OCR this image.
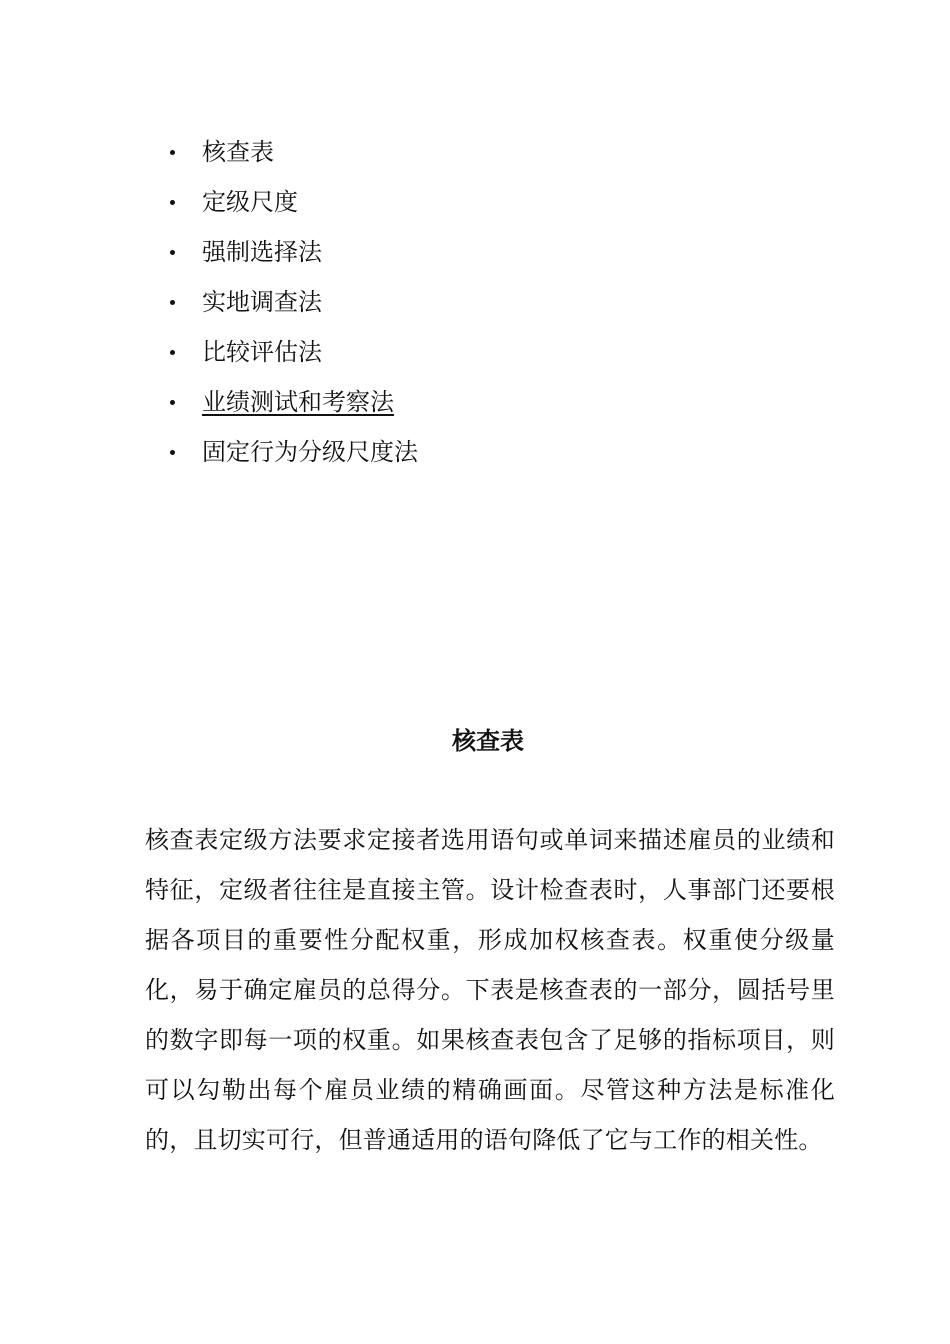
核查表
定级尺度
强制选择法
实地调查法
比较评估法
业绩测试和考察法
固定行为分级尺度法
核查表

核查表定级方法要求定接者选用语句或单词来描述雇员的业绩和特征，定级者往往是直接主管。设计检查表时，人事部门还要根据各项目的重要性分配权重，形成加权核查表。权重使分级量化，易于确定雇员的总得分。下表是核查表的一部分，圆括号里的数字即每一项的权重。如果核查表包含了足够的指标项目，则可以勾勒出每个雇员业绩的精确画面。尽管这种方法是标准化的，且切实可行，但普通适用的语句降低了它与工作的相关性。
